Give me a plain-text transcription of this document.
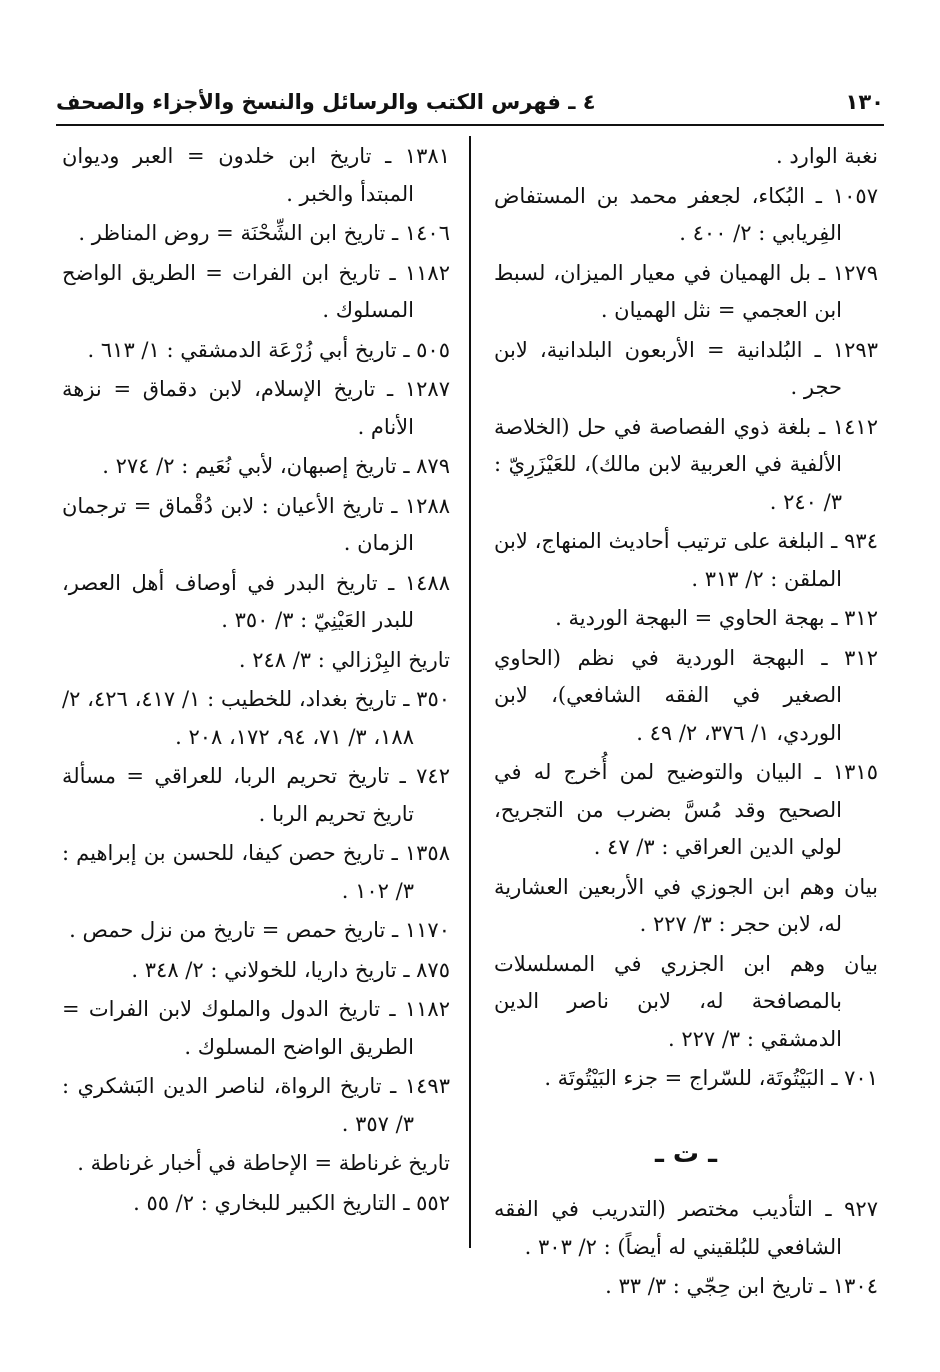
٤ ـ فهرس الكتب والرسائل والنسخ والأجزاء والصحف	١٣٠

نغبة الوارد .

١٠٥٧ ـ البُكاء، لجعفر محمد بن المستفاض الفِريابي : ٢/ ٤٠٠ .

١٢٧٩ ـ بل الهميان في معيار الميزان، لسبط ابن العجمي = نثل الهميان .

١٢٩٣ ـ البُلدانية = الأربعون البلدانية، لابن حجر .

١٤١٢ ـ بلغة ذوي الفصاصة في حل (الخلاصة الألفية في العربية لابن مالك)، للعَيْزَرِيّ : ٣/ ٢٤٠ .

٩٣٤ ـ البلغة على ترتيب أحاديث المنهاج، لابن الملقن : ٢/ ٣١٣ .

٣١٢ ـ بهجة الحاوي = البهجة الوردية .

٣١٢ ـ البهجة الوردية في نظم (الحاوي الصغير في الفقه الشافعي)، لابن الوردي، ١/ ٣٧٦، ٢/ ٤٩ .

١٣١٥ ـ البيان والتوضيح لمن أُخرج له في الصحيح وقد مُسَّ بضرب من التجريح، لولي الدين العراقي : ٣/ ٤٧ .

بيان وهم ابن الجوزي في الأربعين العشارية له، لابن حجر : ٣/ ٢٢٧ .

بيان وهم ابن الجزري في المسلسلات بالمصافحة له، لابن ناصر الدين الدمشقي : ٣/ ٢٢٧ .

٧٠١ ـ البَيْتُوتَة، للسّراج = جزء البَيْتُوتَة .

ـ ت ـ

٩٢٧ ـ التأديب مختصر (التدريب في الفقه الشافعي للبُلقيني له أيضاً) : ٢/ ٣٠٣ .

١٣٠٤ ـ تاريخ ابن حِجّي : ٣/ ٣٣ .

١٣٨١ ـ تاريخ ابن خلدون = العبر وديوان المبتدأ والخبر .

١٤٠٦ ـ تاريخ ابن الشِّحْنَة = روض المناظر .

١١٨٢ ـ تاريخ ابن الفرات = الطريق الواضح المسلوك .

٥٠٥ ـ تاريخ أبي زُرْعَة الدمشقي : ١/ ٦١٣ .

١٢٨٧ ـ تاريخ الإسلام، لابن دقماق = نزهة الأنام .

٨٧٩ ـ تاريخ إصبهان، لأبي نُعَيم : ٢/ ٢٧٤ .

١٢٨٨ ـ تاريخ الأعيان : لابن دُقْماق = ترجمان الزمان .

١٤٨٨ ـ تاريخ البدر في أوصاف أهل العصر، للبدر العَيْنِيّ : ٣/ ٣٥٠ .

تاريخ البِرْزالي : ٣/ ٢٤٨ .

٣٥٠ ـ تاريخ بغداد، للخطيب : ١/ ٤١٧، ٤٢٦، ٢/ ١٨٨، ٣/ ٧١، ٩٤، ١٧٢، ٢٠٨ .

٧٤٢ ـ تاريخ تحريم الربا، للعراقي = مسألة تاريخ تحريم الربا .

١٣٥٨ ـ تاريخ حصن كيفا، للحسن بن إبراهيم : ٣/ ١٠٢ .

١١٧٠ ـ تاريخ حمص = تاريخ من نزل حمص .

٨٧٥ ـ تاريخ داريا، للخولاني : ٢/ ٣٤٨ .

١١٨٢ ـ تاريخ الدول والملوك لابن الفرات = الطريق الواضح المسلوك .

١٤٩٣ ـ تاريخ الرواة، لناصر الدين البَشكري : ٣/ ٣٥٧ .

تاريخ غرناطة = الإحاطة في أخبار غرناطة .

٥٥٢ ـ التاريخ الكبير للبخاري : ٢/ ٥٥ .
